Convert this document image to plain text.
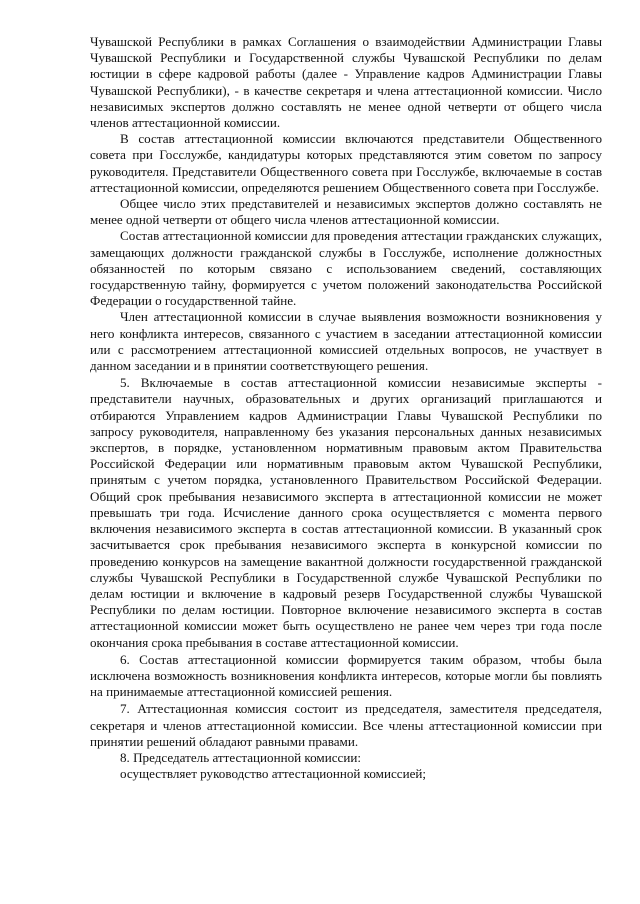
Чувашской Республики в рамках Соглашения о взаимодействии Администрации Главы Чувашской Республики и Государственной службы Чувашской Республики по делам юстиции в сфере кадровой работы (далее - Управление кадров Администрации Главы Чувашской Республики), - в качестве секретаря и члена аттестационной комиссии. Число независимых экспертов должно составлять не менее одной четверти от общего числа членов аттестационной комиссии.

В состав аттестационной комиссии включаются представители Общественного совета при Госслужбе, кандидатуры которых представляются этим советом по запросу руководителя. Представители Общественного совета при Госслужбе, включаемые в состав аттестационной комиссии, определяются решением Общественного совета при Госслужбе.

Общее число этих представителей и независимых экспертов должно составлять не менее одной четверти от общего числа членов аттестационной комиссии.

Состав аттестационной комиссии для проведения аттестации гражданских служащих, замещающих должности гражданской службы в Госслужбе, исполнение должностных обязанностей по которым связано с использованием сведений, составляющих государственную тайну, формируется с учетом положений законодательства Российской Федерации о государственной тайне.

Член аттестационной комиссии в случае выявления возможности возникновения у него конфликта интересов, связанного с участием в заседании аттестационной комиссии или с рассмотрением аттестационной комиссией отдельных вопросов, не участвует в данном заседании и в принятии соответствующего решения.

5. Включаемые в состав аттестационной комиссии независимые эксперты - представители научных, образовательных и других организаций приглашаются и отбираются Управлением кадров Администрации Главы Чувашской Республики по запросу руководителя, направленному без указания персональных данных независимых экспертов, в порядке, установленном нормативным правовым актом Правительства Российской Федерации или нормативным правовым актом Чувашской Республики, принятым с учетом порядка, установленного Правительством Российской Федерации. Общий срок пребывания независимого эксперта в аттестационной комиссии не может превышать три года. Исчисление данного срока осуществляется с момента первого включения независимого эксперта в состав аттестационной комиссии. В указанный срок засчитывается срок пребывания независимого эксперта в конкурсной комиссии по проведению конкурсов на замещение вакантной должности государственной гражданской службы Чувашской Республики в Государственной службе Чувашской Республики по делам юстиции и включение в кадровый резерв Государственной службы Чувашской Республики по делам юстиции. Повторное включение независимого эксперта в состав аттестационной комиссии может быть осуществлено не ранее чем через три года после окончания срока пребывания в составе аттестационной комиссии.

6. Состав аттестационной комиссии формируется таким образом, чтобы была исключена возможность возникновения конфликта интересов, которые могли бы повлиять на принимаемые аттестационной комиссией решения.

7. Аттестационная комиссия состоит из председателя, заместителя председателя, секретаря и членов аттестационной комиссии. Все члены аттестационной комиссии при принятии решений обладают равными правами.

8. Председатель аттестационной комиссии:

осуществляет руководство аттестационной комиссией;
